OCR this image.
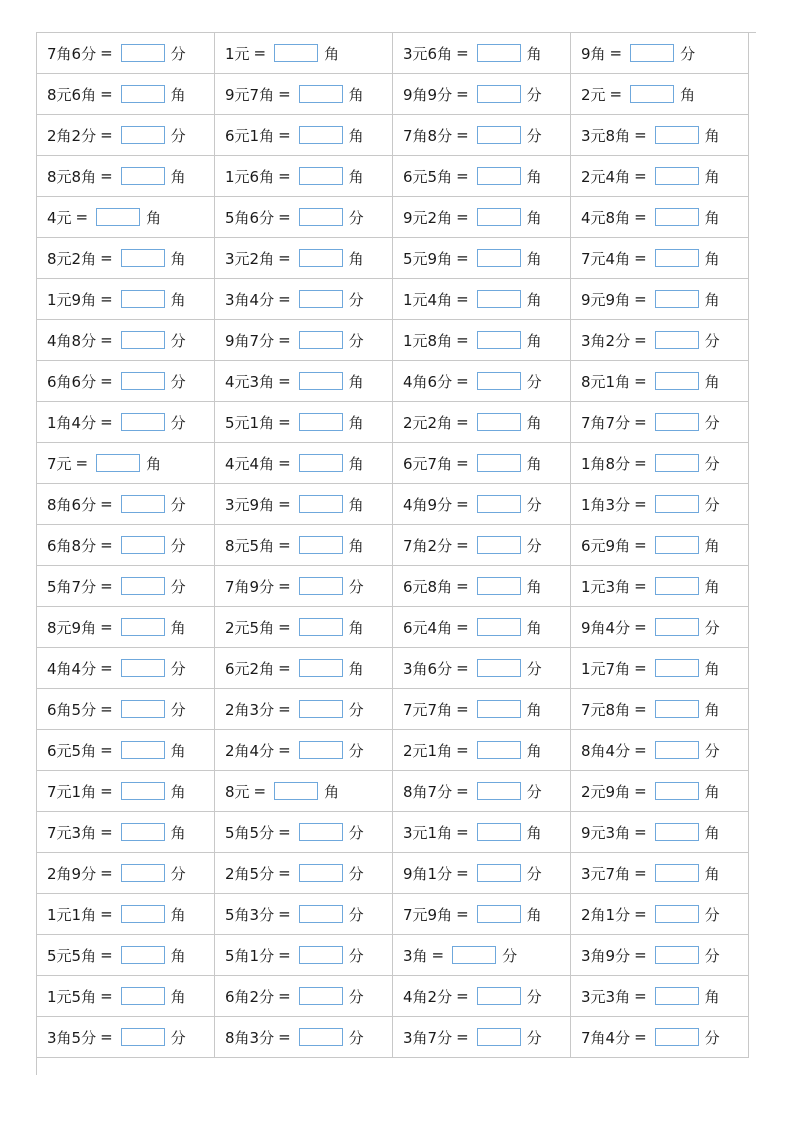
7角6分 = 分	1元 = 角	3元6角 = 角	9角 = 分

8元6角 = 角	9元7角 = 角	9角9分 = 分	2元 = 角

2角2分 = 分	6元1角 = 角	7角8分 = 分	3元8角 = 角

8元8角 = 角	1元6角 = 角	6元5角 = 角	2元4角 = 角

4元 = 角	5角6分 = 分	9元2角 = 角	4元8角 = 角

8元2角 = 角	3元2角 = 角	5元9角 = 角	7元4角 = 角

1元9角 = 角	3角4分 = 分	1元4角 = 角	9元9角 = 角

4角8分 = 分	9角7分 = 分	1元8角 = 角	3角2分 = 分

6角6分 = 分	4元3角 = 角	4角6分 = 分	8元1角 = 角

1角4分 = 分	5元1角 = 角	2元2角 = 角	7角7分 = 分

7元 = 角	4元4角 = 角	6元7角 = 角	1角8分 = 分

8角6分 = 分	3元9角 = 角	4角9分 = 分	1角3分 = 分

6角8分 = 分	8元5角 = 角	7角2分 = 分	6元9角 = 角

5角7分 = 分	7角9分 = 分	6元8角 = 角	1元3角 = 角

8元9角 = 角	2元5角 = 角	6元4角 = 角	9角4分 = 分

4角4分 = 分	6元2角 = 角	3角6分 = 分	1元7角 = 角

6角5分 = 分	2角3分 = 分	7元7角 = 角	7元8角 = 角

6元5角 = 角	2角4分 = 分	2元1角 = 角	8角4分 = 分

7元1角 = 角	8元 = 角	8角7分 = 分	2元9角 = 角

7元3角 = 角	5角5分 = 分	3元1角 = 角	9元3角 = 角

2角9分 = 分	2角5分 = 分	9角1分 = 分	3元7角 = 角

1元1角 = 角	5角3分 = 分	7元9角 = 角	2角1分 = 分

5元5角 = 角	5角1分 = 分	3角 = 分	3角9分 = 分

1元5角 = 角	6角2分 = 分	4角2分 = 分	3元3角 = 角

3角5分 = 分	8角3分 = 分	3角7分 = 分	7角4分 = 分
